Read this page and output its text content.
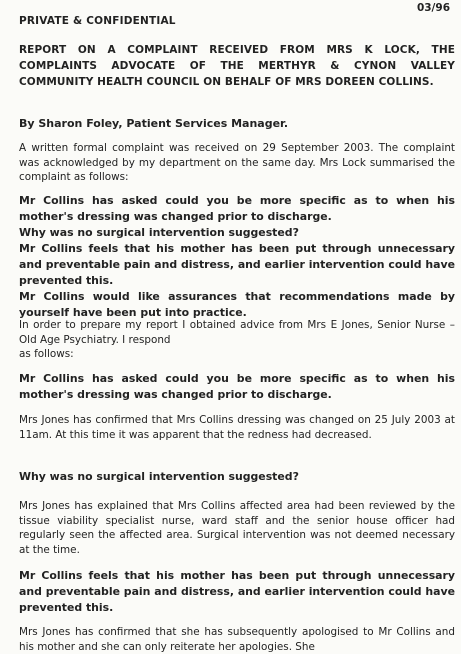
03/96
PRIVATE & CONFIDENTIAL
REPORT ON A COMPLAINT RECEIVED FROM MRS K LOCK, THE COMPLAINTS ADVOCATE OF THE MERTHYR & CYNON VALLEY COMMUNITY HEALTH COUNCIL ON BEHALF OF MRS DOREEN COLLINS.
By Sharon Foley, Patient Services Manager.

A written formal complaint was received on 29 September 2003. The complaint was acknowledged by my department on the same day. Mrs Lock summarised the complaint as follows:

Mr Collins has asked could you be more specific as to when his mother's dressing was changed prior to discharge.

Why was no surgical intervention suggested?

Mr Collins feels that his mother has been put through unnecessary and preventable pain and distress, and earlier intervention could have prevented this.

Mr Collins would like assurances that recommendations made by yourself have been put into practice.

In order to prepare my report I obtained advice from Mrs E Jones, Senior Nurse – Old Age Psychiatry. I respond

as follows:

Mr Collins has asked could you be more specific as to when his mother's dressing was changed prior to discharge.

Mrs Jones has confirmed that Mrs Collins dressing was changed on 25 July 2003 at 11am. At this time it was apparent that the redness had decreased.

Why was no surgical intervention suggested?

Mrs Jones has explained that Mrs Collins affected area had been reviewed by the tissue viability specialist nurse, ward staff and the senior house officer had regularly seen the affected area. Surgical intervention was not deemed necessary at the time.

Mr Collins feels that his mother has been put through unnecessary and preventable pain and distress, and earlier intervention could have prevented this.

Mrs Jones has confirmed that she has subsequently apologised to Mr Collins and his mother and she can only reiterate her apologies. She
